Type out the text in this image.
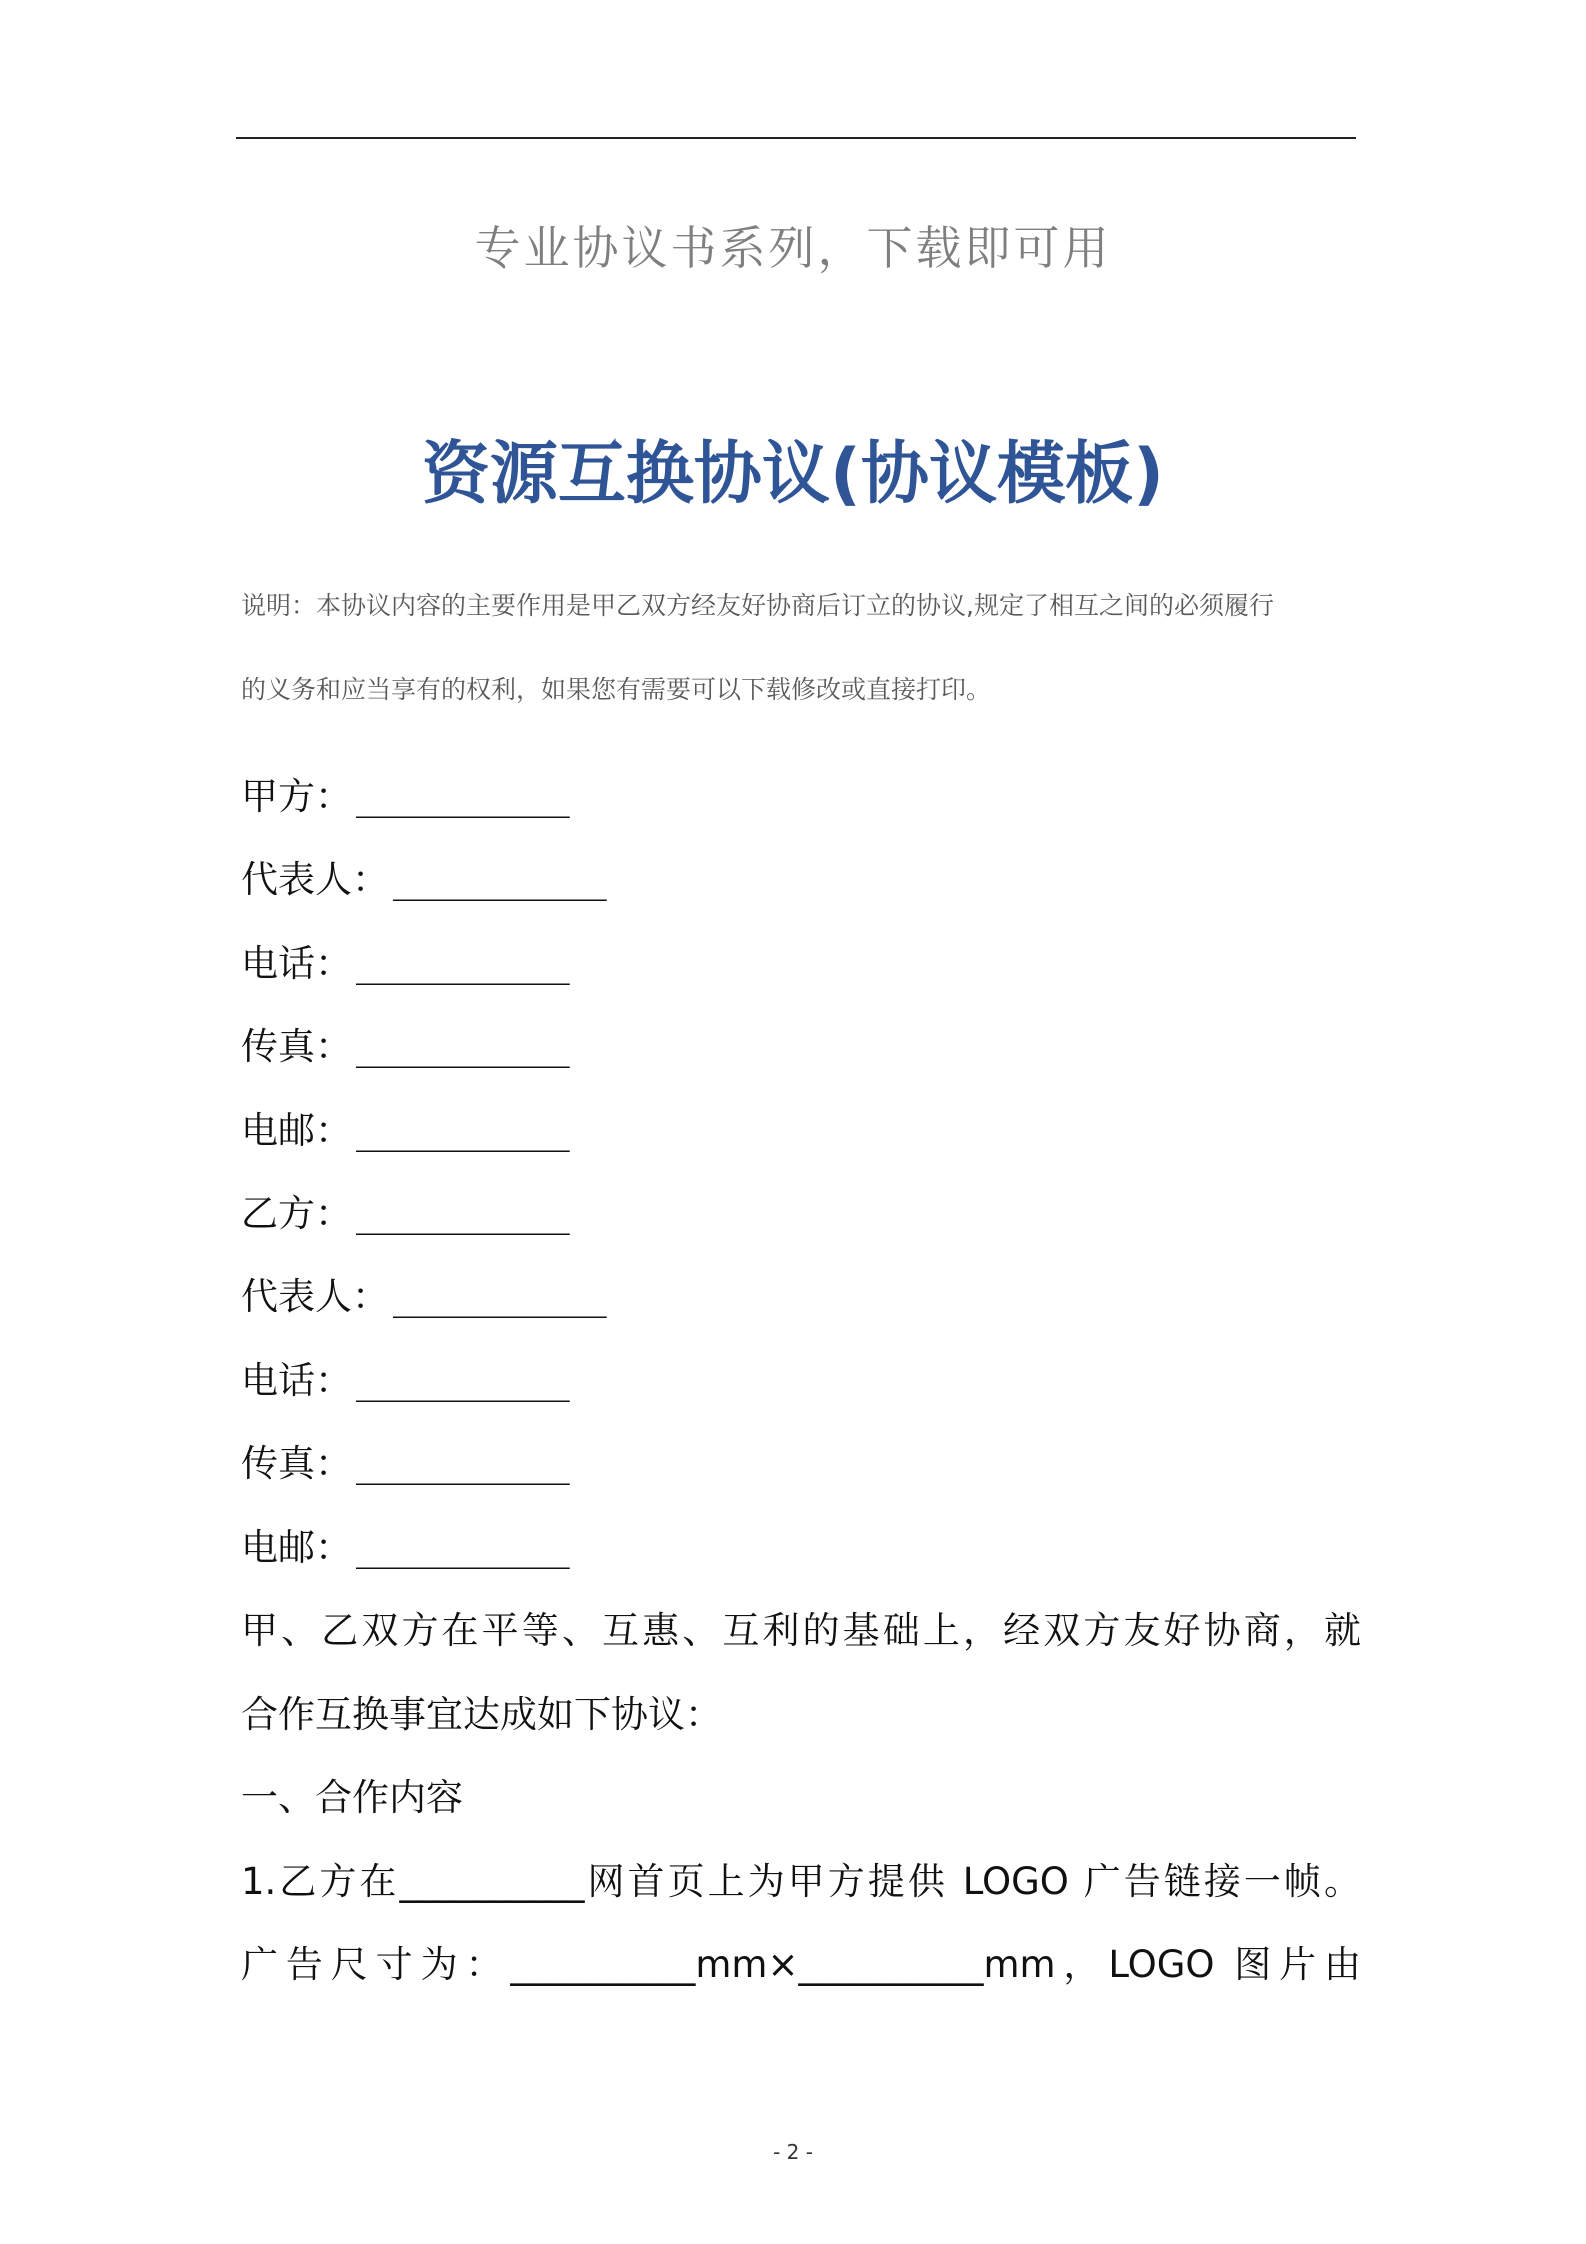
专业协议书系列，下载即可用
资源互换协议(协议模板)
说明：本协议内容的主要作用是甲乙双方经友好协商后订立的协议,规定了相互之间的必须履行
的义务和应当享有的权利，如果您有需要可以下载修改或直接打印。
甲方： __________
代表人： __________
电话： __________
传真： __________
电邮： __________
乙方： __________
代表人： __________
电话： __________
传真： __________
电邮： __________
甲、乙双方在平等、互惠、互利的基础上，经双方友好协商，就
合作互换事宜达成如下协议：
一、合作内容
1.乙方在__________网首页上为甲方提供 LOGO 广告链接一帧。
广告尺寸为：__________mm×__________mm，LOGO 图片由
- 2 -
